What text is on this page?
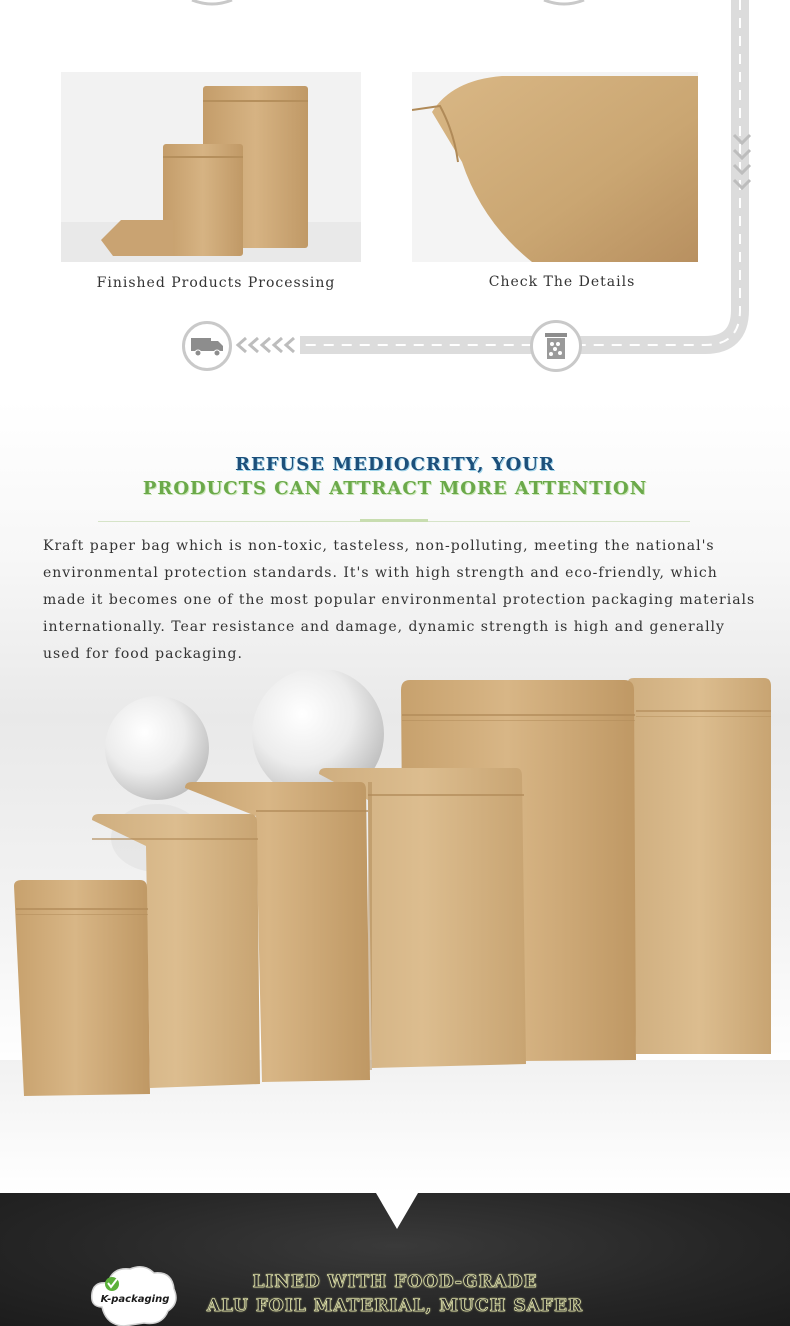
Finished Products Processing	Check The Details
REFUSE MEDIOCRITY, YOUR
PRODUCTS CAN ATTRACT MORE ATTENTION

Kraft paper bag which is non-toxic, tasteless, non-polluting, meeting the national's environmental protection standards. It's with high strength and eco-friendly, which made it becomes one of the most popular environmental protection packaging materials internationally. Tear resistance and damage, dynamic strength is high and generally used for food packaging.

LINED WITH FOOD-GRADE
ALU FOIL MATERIAL, MUCH SAFER
K-packaging
